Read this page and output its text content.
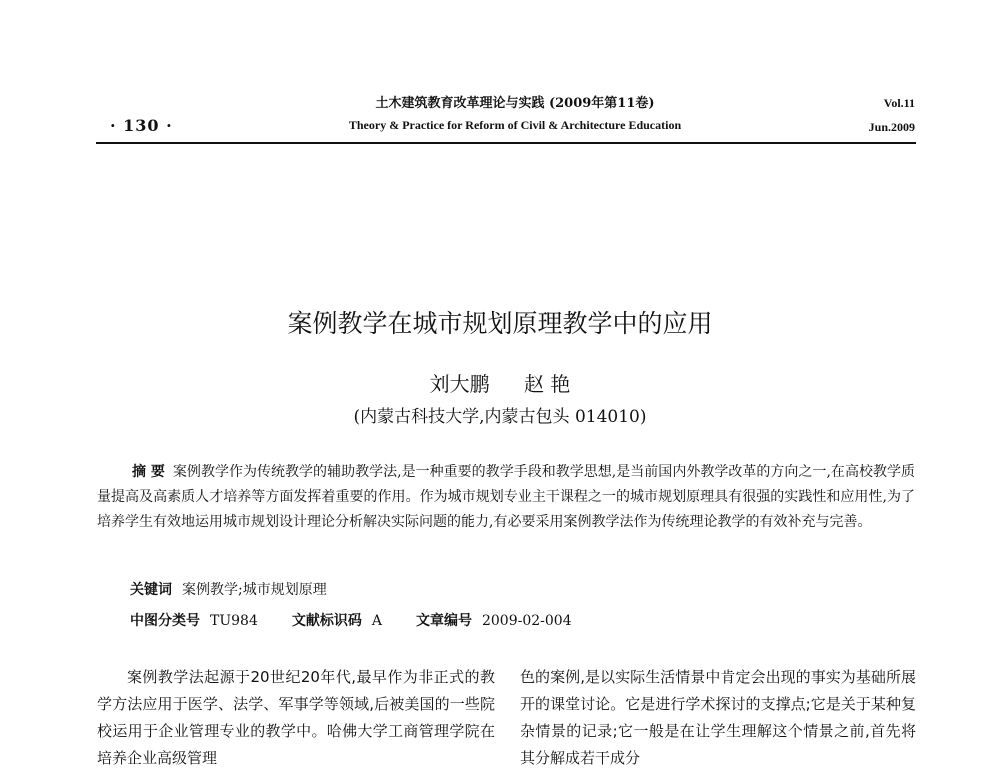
· 130 ·
土木建筑教育改革理论与实践 (2009年第11卷)
Theory & Practice for Reform of Civil & Architecture Education
Vol.11
Jun.2009
案例教学在城市规划原理教学中的应用
刘大鹏 赵 艳
(内蒙古科技大学,内蒙古包头 014010)
摘 要 案例教学作为传统教学的辅助教学法,是一种重要的教学手段和教学思想,是当前国内外教学改革的方向之一,在高校教学质量提高及高素质人才培养等方面发挥着重要的作用。作为城市规划专业主干课程之一的城市规划原理具有很强的实践性和应用性,为了培养学生有效地运用城市规划设计理论分析解决实际问题的能力,有必要采用案例教学法作为传统理论教学的有效补充与完善。
关键词 案例教学;城市规划原理
中图分类号 TU984 文献标识码 A 文章编号 2009-02-004
案例教学法起源于20世纪20年代,最早作为非正式的教学方法应用于医学、法学、军事学等领域,后被美国的一些院校运用于企业管理专业的教学中。哈佛大学工商管理学院在培养企业高级管理
色的案例,是以实际生活情景中肯定会出现的事实为基础所展开的课堂讨论。它是进行学术探讨的支撑点;它是关于某种复杂情景的记录;它一般是在让学生理解这个情景之前,首先将其分解成若干成分
